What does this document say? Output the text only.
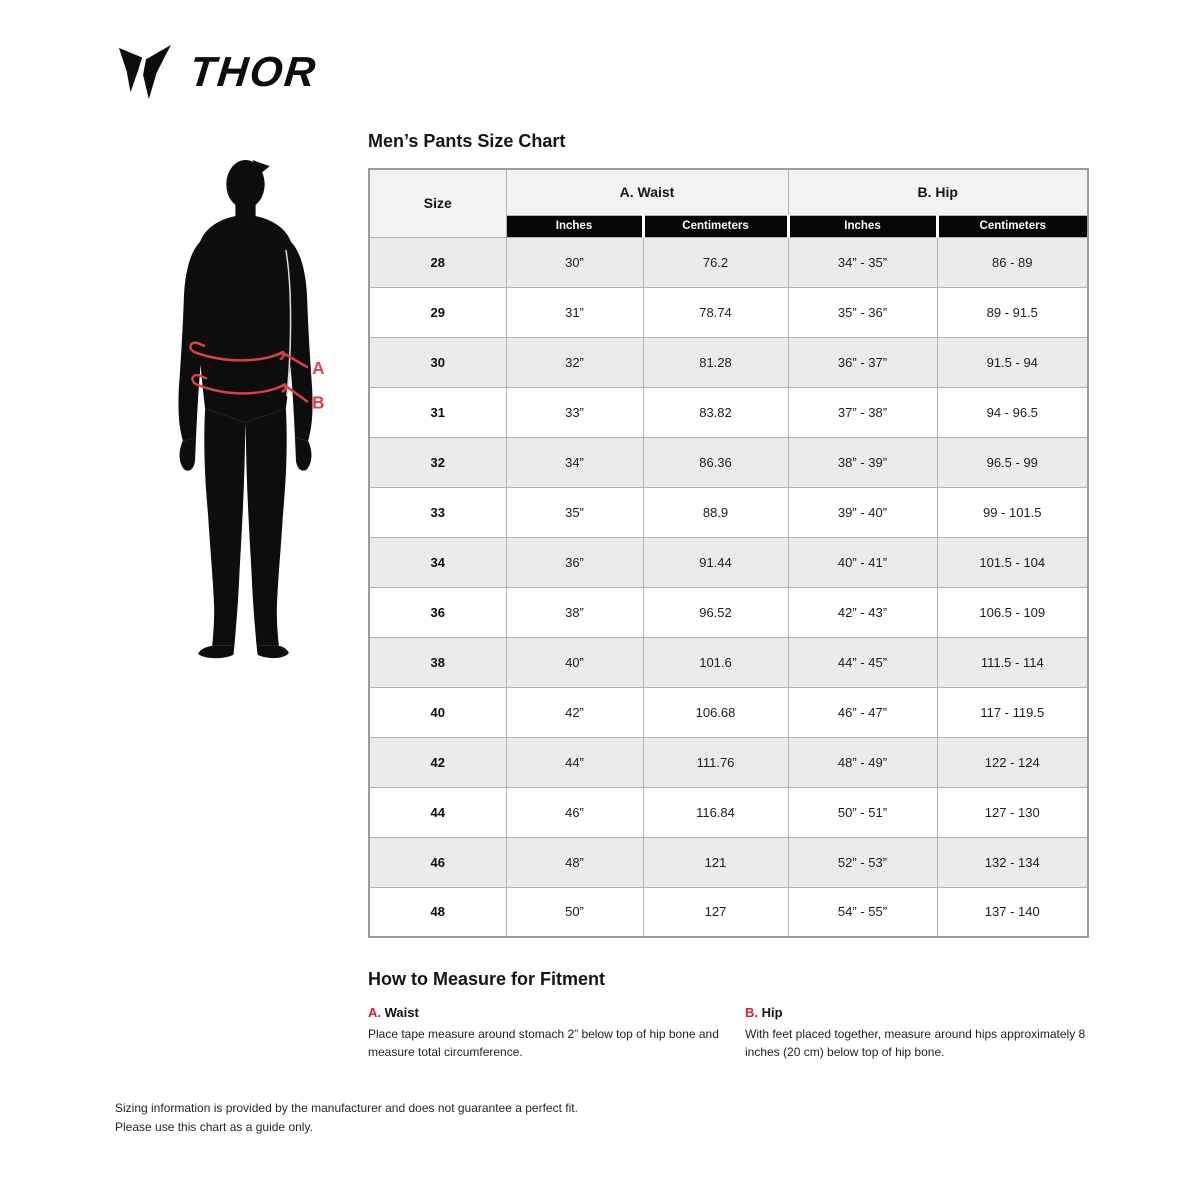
THOR
A
B
Men’s Pants Size Chart
Size	A. Waist		B. Hip	
	Inches	Centimeters	Inches	Centimeters
28	30”	76.2	34” - 35”	86 - 89
29	31”	78.74	35” - 36”	89 - 91.5
30	32”	81.28	36” - 37”	91.5 - 94
31	33”	83.82	37” - 38”	94 - 96.5
32	34”	86.36	38” - 39”	96.5 - 99
33	35”	88.9	39” - 40”	99 - 101.5
34	36”	91.44	40” - 41”	101.5 - 104
36	38”	96.52	42” - 43”	106.5 - 109
38	40”	101.6	44” - 45”	111.5 - 114
40	42”	106.68	46” - 47”	117 - 119.5
42	44”	111.76	48” - 49”	122 - 124
44	46”	116.84	50” - 51”	127 - 130
46	48”	121	52” - 53”	132 - 134
48	50”	127	54” - 55”	137 - 140
How to Measure for Fitment
A. Waist

Place tape measure around stomach 2” below top of hip bone and measure total circumference.

B. Hip

With feet placed together, measure around hips approximately 8 inches (20 cm) below top of hip bone.

Sizing information is provided by the manufacturer and does not guarantee a perfect fit.

Please use this chart as a guide only.
